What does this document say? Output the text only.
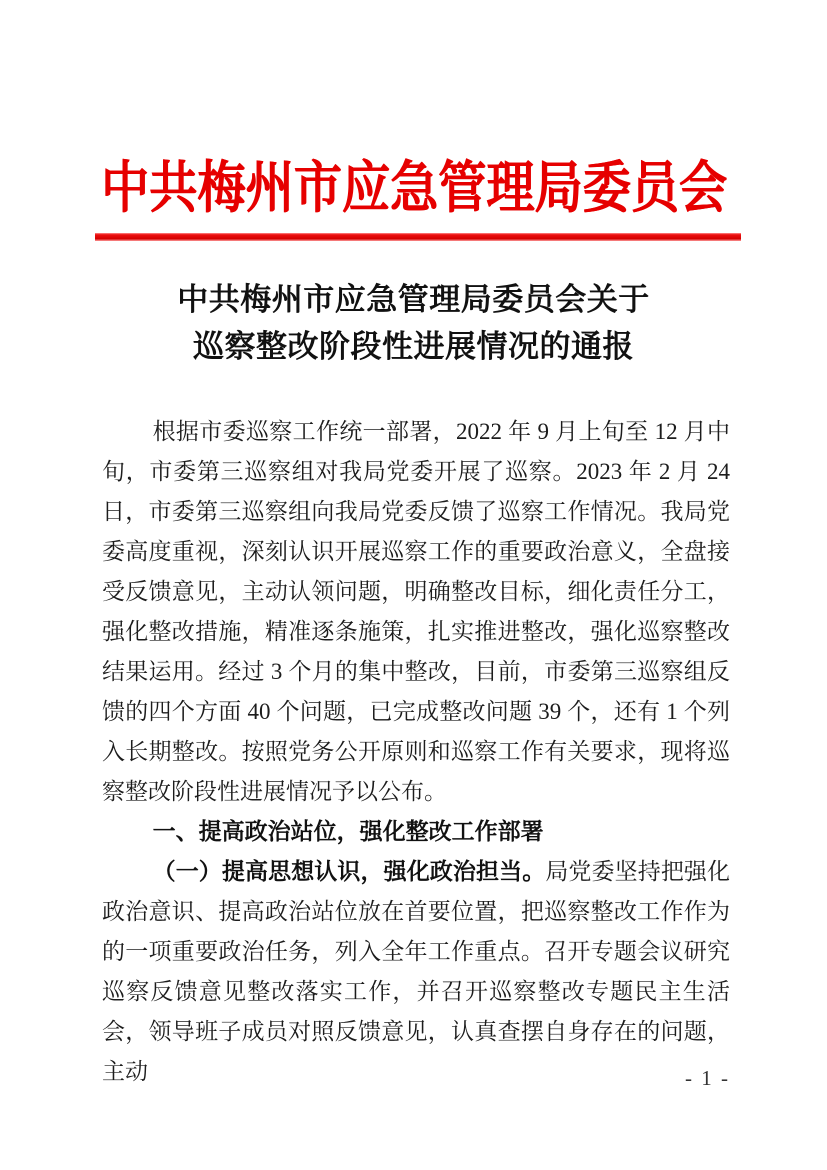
中共梅州市应急管理局委员会
中共梅州市应急管理局委员会关于
巡察整改阶段性进展情况的通报

根据市委巡察工作统一部署，2022 年 9 月上旬至 12 月中旬，市委第三巡察组对我局党委开展了巡察。2023 年 2 月 24 日，市委第三巡察组向我局党委反馈了巡察工作情况。我局党委高度重视，深刻认识开展巡察工作的重要政治意义，全盘接受反馈意见，主动认领问题，明确整改目标，细化责任分工，强化整改措施，精准逐条施策，扎实推进整改，强化巡察整改结果运用。经过 3 个月的集中整改，目前，市委第三巡察组反馈的四个方面 40 个问题，已完成整改问题 39 个，还有 1 个列入长期整改。按照党务公开原则和巡察工作有关要求，现将巡察整改阶段性进展情况予以公布。

一、提高政治站位，强化整改工作部署

（一）提高思想认识，强化政治担当。局党委坚持把强化政治意识、提高政治站位放在首要位置，把巡察整改工作作为的一项重要政治任务，列入全年工作重点。召开专题会议研究巡察反馈意见整改落实工作，并召开巡察整改专题民主生活会，领导班子成员对照反馈意见，认真查摆自身存在的问题，主动	- 1 -
